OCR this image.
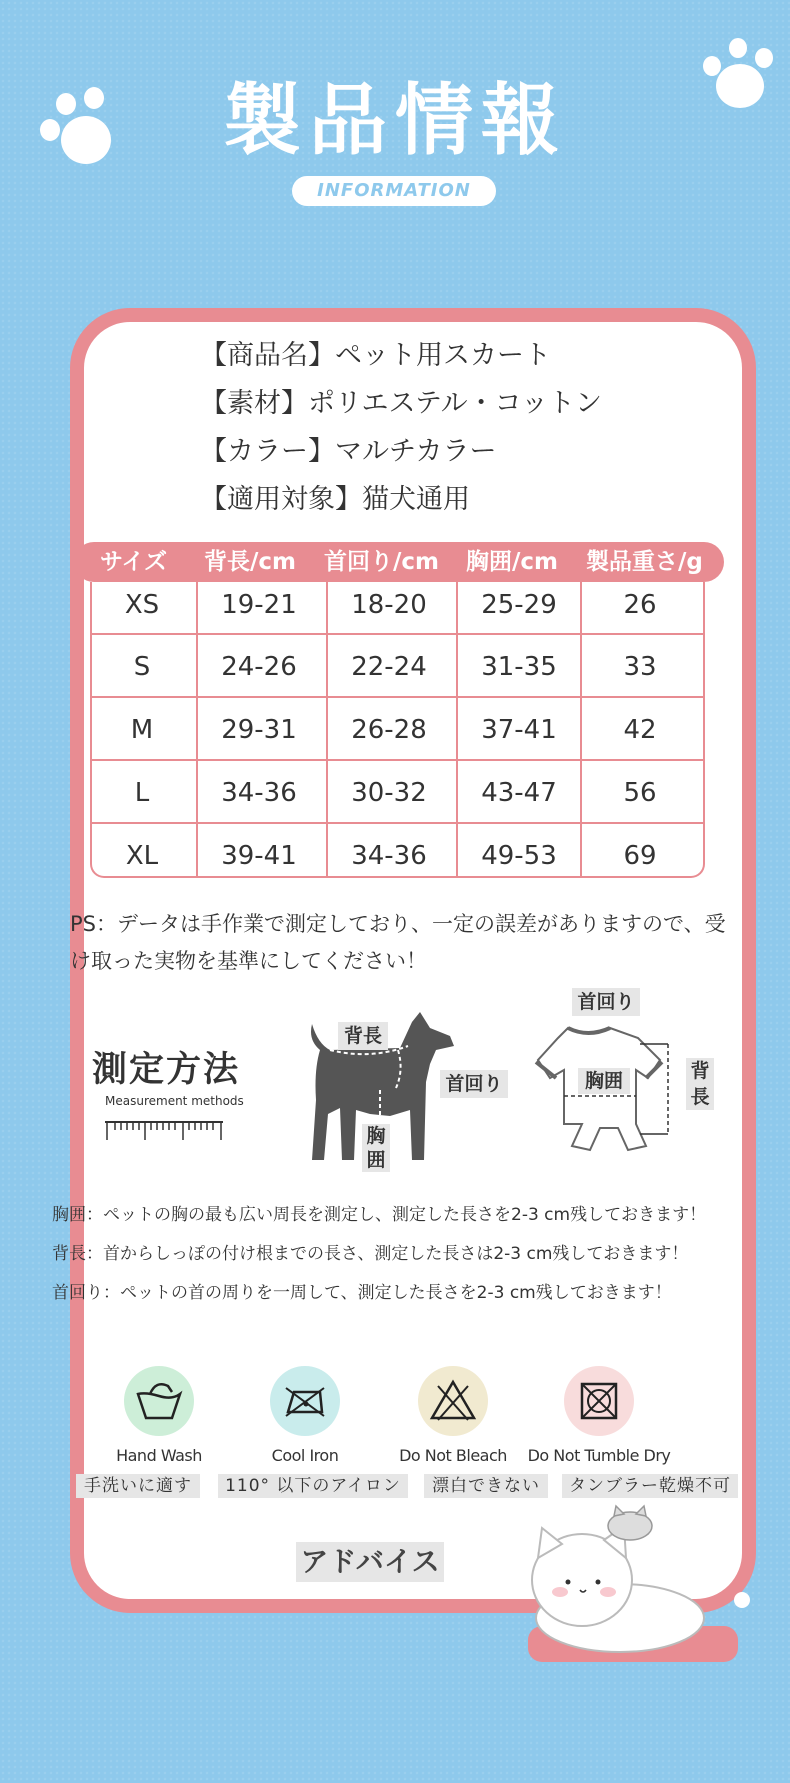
製品情報
INFORMATION
【商品名】ペット用スカート
【素材】ポリエステル・コットン
【カラー】マルチカラー
【適用対象】猫犬通用
サイズ 背長/cm 首回り/cm 胸囲/cm 製品重さ/g
XS	19-21	18-20	25-29	26
S	24-26	22-24	31-35	33
M	29-31	26-28	37-41	42
L	34-36	30-32	43-47	56
XL	39-41	34-36	49-53	69
PS：データは手作業で測定しており、一定の誤差がありますので、受
け取った実物を基準にしてください！
測定方法
Measurement methods
背長
首回り
胸
囲
首回り
胸囲	背
長
胸囲：ペットの胸の最も広い周長を測定し、測定した長さを2-3 cm残しておきます！
背長：首からしっぽの付け根までの長さ、測定した長さは2-3 cm残しておきます！
首回り：ペットの首の周りを一周して、測定した長さを2-3 cm残しておきます！
Hand Wash	Cool Iron	Do Not Bleach	Do Not Tumble Dry
手洗いに適す	110° 以下のアイロン	漂白できない	タンブラー乾燥不可
アドバイス
